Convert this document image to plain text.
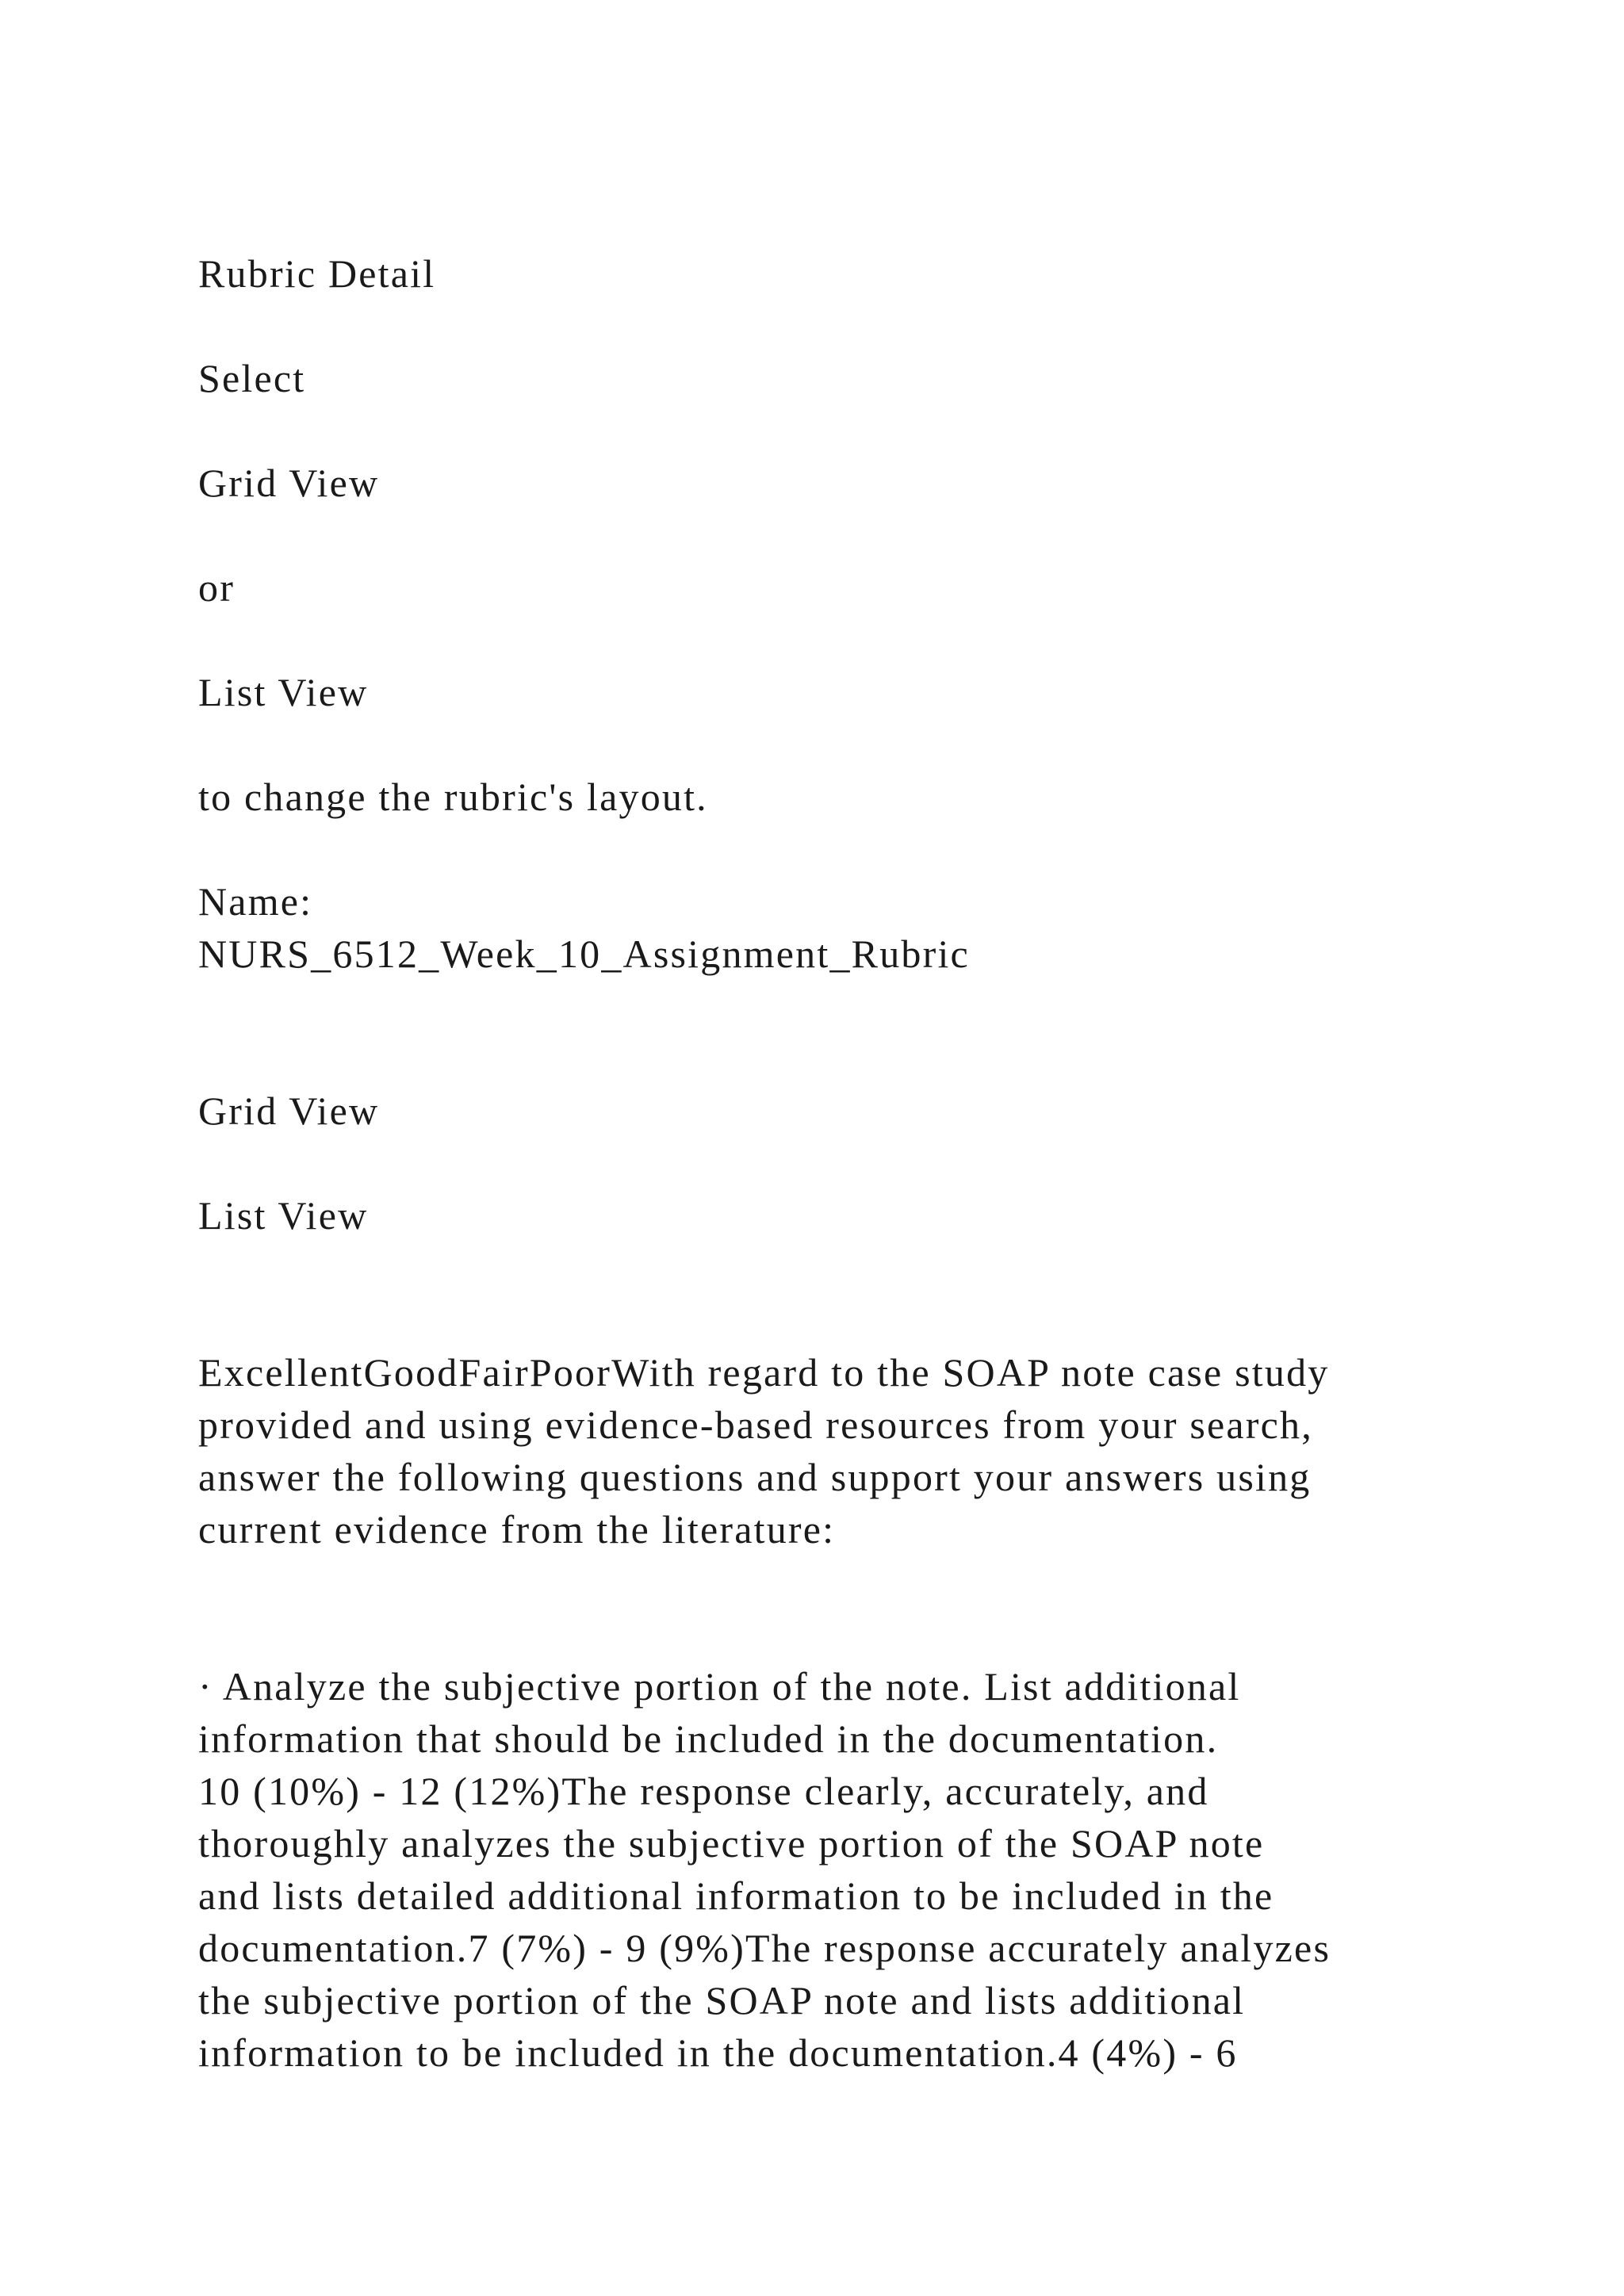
Rubric Detail

Select

Grid View

or

List View

to change the rubric's layout.

Name:

NURS_6512_Week_10_Assignment_Rubric

Grid View

List View

ExcellentGoodFairPoorWith regard to the SOAP note case study
provided and using evidence-based resources from your search,
answer the following questions and support your answers using
current evidence from the literature:
· Analyze the subjective portion of the note. List additional
information that should be included in the documentation.
10 (10%) - 12 (12%)The response clearly, accurately, and
thoroughly analyzes the subjective portion of the SOAP note
and lists detailed additional information to be included in the
documentation.7 (7%) - 9 (9%)The response accurately analyzes
the subjective portion of the SOAP note and lists additional
information to be included in the documentation.4 (4%) - 6
